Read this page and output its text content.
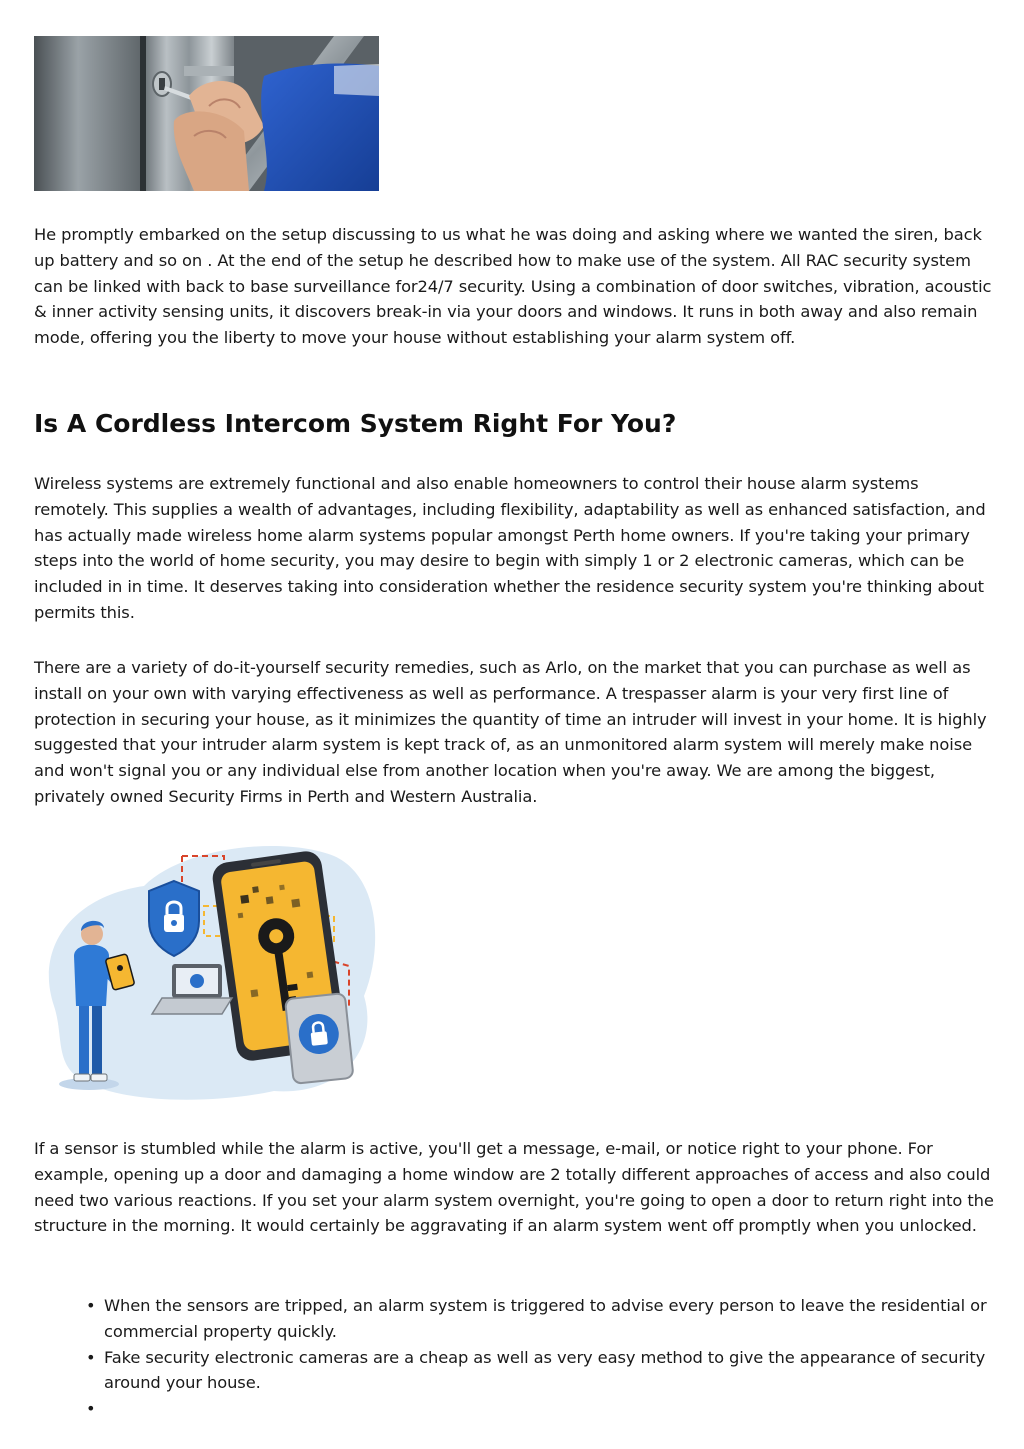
He promptly embarked on the setup discussing to us what he was doing and asking where we wanted the siren, back up battery and so on . At the end of the setup he described how to make use of the system. All RAC security system can be linked with back to base surveillance for24/7 security. Using a combination of door switches, vibration, acoustic & inner activity sensing units, it discovers break-in via your doors and windows. It runs in both away and also remain mode, offering you the liberty to move your house without establishing your alarm system off.

Is A Cordless Intercom System Right For You?

Wireless systems are extremely functional and also enable homeowners to control their house alarm systems remotely. This supplies a wealth of advantages, including flexibility, adaptability as well as enhanced satisfaction, and has actually made wireless home alarm systems popular amongst Perth home owners. If you're taking your primary steps into the world of home security, you may desire to begin with simply 1 or 2 electronic cameras, which can be included in in time. It deserves taking into consideration whether the residence security system you're thinking about permits this.

There are a variety of do-it-yourself security remedies, such as Arlo, on the market that you can purchase as well as install on your own with varying effectiveness as well as performance. A trespasser alarm is your very first line of protection in securing your house, as it minimizes the quantity of time an intruder will invest in your home. It is highly suggested that your intruder alarm system is kept track of, as an unmonitored alarm system will merely make noise and won't signal you or any individual else from another location when you're away. We are among the biggest, privately owned Security Firms in Perth and Western Australia.

If a sensor is stumbled while the alarm is active, you'll get a message, e-mail, or notice right to your phone. For example, opening up a door and damaging a home window are 2 totally different approaches of access and also could need two various reactions. If you set your alarm system overnight, you're going to open a door to return right into the structure in the morning. It would certainly be aggravating if an alarm system went off promptly when you unlocked.

• When the sensors are tripped, an alarm system is triggered to advise every person to leave the residential or commercial property quickly.
• Fake security electronic cameras are a cheap as well as very easy method to give the appearance of security around your house.
•
